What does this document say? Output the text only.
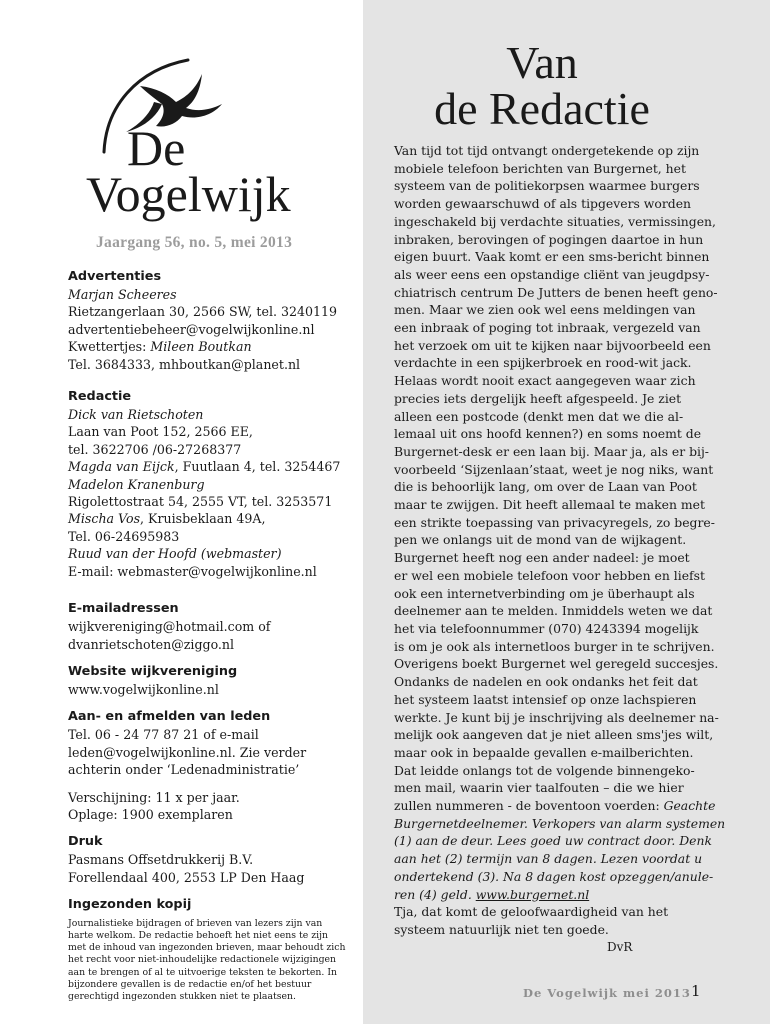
De
Vogelwijk
Jaargang 56, no. 5, mei 2013
Advertenties
Marjan Scheeres
Rietzangerlaan 30, 2566 SW, tel. 3240119
advertentiebeheer@vogelwijkonline.nl
Kwettertjes: Mileen Boutkan
Tel. 3684333, mhboutkan@planet.nl
Redactie
Dick van Rietschoten
Laan van Poot 152, 2566 EE,
tel. 3622706 /06-27268377
Magda van Eijck, Fuutlaan 4, tel. 3254467
Madelon Kranenburg
Rigolettostraat 54, 2555 VT, tel. 3253571
Mischa Vos, Kruisbeklaan 49A,
Tel. 06-24695983
Ruud van der Hoofd (webmaster)
E-mail: webmaster@vogelwijkonline.nl
E-mailadressen
wijkvereniging@hotmail.com of
dvanrietschoten@ziggo.nl
Website wijkvereniging
www.vogelwijkonline.nl
Aan- en afmelden van leden
Tel. 06 - 24 77 87 21 of e-mail
leden@vogelwijkonline.nl. Zie verder
achterin onder ‘Ledenadministratie’
Verschijning: 11 x per jaar.
Oplage: 1900 exemplaren
Druk
Pasmans Offsetdrukkerij B.V.
Forellendaal 400, 2553 LP Den Haag
Ingezonden kopij
Journalistieke bijdragen of brieven van lezers zijn van harte welkom. De redactie behoeft het niet eens te zijn met de inhoud van ingezonden brieven, maar behoudt zich het recht voor niet-inhoudelijke redactionele wijzigingen aan te brengen of al te uitvoerige teksten te bekorten. In bijzondere gevallen is de redactie en/of het bestuur gerechtigd ingezonden stukken niet te plaatsen.
Van
de Redactie
Van tijd tot tijd ontvangt ondergetekende op zijn
mobiele telefoon berichten van Burgernet, het
systeem van de politiekorpsen waarmee burgers
worden gewaarschuwd of als tipgevers worden
ingeschakeld bij verdachte situaties, vermissingen,
inbraken, berovingen of pogingen daartoe in hun
eigen buurt. Vaak komt er een sms-bericht binnen
als weer eens een opstandige cliënt van jeugdpsy-
chiatrisch centrum De Jutters de benen heeft geno-
men. Maar we zien ook wel eens meldingen van
een inbraak of poging tot inbraak, vergezeld van
het verzoek om uit te kijken naar bijvoorbeeld een
verdachte in een spijkerbroek en rood-wit jack.
Helaas wordt nooit exact aangegeven waar zich
precies iets dergelijk heeft afgespeeld. Je ziet
alleen een postcode (denkt men dat we die al-
lemaal uit ons hoofd kennen?) en soms noemt de
Burgernet-desk er een laan bij. Maar ja, als er bij-
voorbeeld ‘Sijzenlaan’staat, weet je nog niks, want
die is behoorlijk lang, om over de Laan van Poot
maar te zwijgen. Dit heeft allemaal te maken met
een strikte toepassing van privacyregels, zo begre-
pen we onlangs uit de mond van de wijkagent.
Burgernet heeft nog een ander nadeel: je moet
er wel een mobiele telefoon voor hebben en liefst
ook een internetverbinding om je überhaupt als
deelnemer aan te melden. Inmiddels weten we dat
het via telefoonnummer (070) 4243394 mogelijk
is om je ook als internetloos burger in te schrijven.
Overigens boekt Burgernet wel geregeld succesjes.
Ondanks de nadelen en ook ondanks het feit dat
het systeem laatst intensief op onze lachspieren
werkte. Je kunt bij je inschrijving als deelnemer na-
melijk ook aangeven dat je niet alleen sms'jes wilt,
maar ook in bepaalde gevallen e-mailberichten.
Dat leidde onlangs tot de volgende binnengeko-
men mail, waarin vier taalfouten – die we hier
zullen nummeren - de boventoon voerden: Geachte
Burgernetdeelnemer. Verkopers van alarm systemen
(1) aan de deur. Lees goed uw contract door. Denk
aan het (2) termijn van 8 dagen. Lezen voordat u
ondertekend (3). Na 8 dagen kost opzeggen/anule-
ren (4) geld. www.burgernet.nl
Tja, dat komt de geloofwaardigheid van het
systeem natuurlijk niet ten goede.
DvR
De Vogelwijk mei 2013 1
